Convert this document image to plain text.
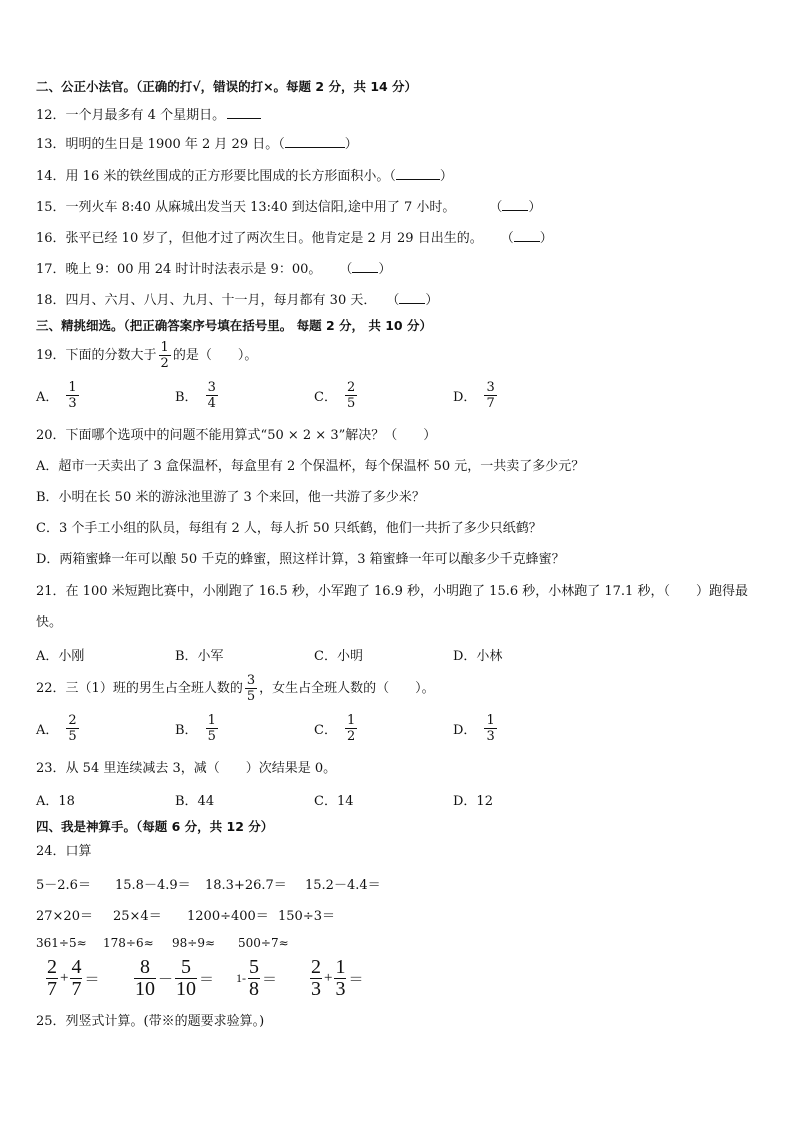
二、公正小法官。（正确的打√，错误的打×。每题 2 分，共 14 分）
12．一个月最多有 4 个星期日。
13．明明的生日是 1900 年 2 月 29 日。（	）
14．用 16 米的铁丝围成的正方形要比围成的长方形面积小。（	）
15．一列火车 8:40 从麻城出发当天 13:40 到达信阳,途中用了 7 小时。	（ ）
16．张平已经 10 岁了，但他才过了两次生日。他肯定是 2 月 29 日出生的。 （ ）
17．晚上 9：00 用 24 时计时法表示是 9：00。 （ ）
18．四月、六月、八月、九月、十一月，每月都有 30 天． （ ）
三、精挑细选。（把正确答案序号填在括号里。 每题 2 分， 共 10 分）
19．下面的分数大于 $\frac{1}{2}$ 的是（　　）。
A． $\frac{1}{3}$	B． $\frac{3}{4}$	C． $\frac{2}{5}$	D． $\frac{3}{7}$
20．下面哪个选项中的问题不能用算式“50 × 2 × 3”解决？（　　）
A．超市一天卖出了 3 盒保温杯，每盒里有 2 个保温杯，每个保温杯 50 元，一共卖了多少元？
B．小明在长 50 米的游泳池里游了 3 个来回，他一共游了多少米？
C．3 个手工小组的队员，每组有 2 人，每人折 50 只纸鹤，他们一共折了多少只纸鹤？
D．两箱蜜蜂一年可以酿 50 千克的蜂蜜，照这样计算，3 箱蜜蜂一年可以酿多少千克蜂蜜？
21．在 100 米短跑比赛中，小刚跑了 16.5 秒，小军跑了 16.9 秒，小明跑了 15.6 秒，小林跑了 17.1 秒，（　　）跑得最
快。
A．小刚	B．小军	C．小明	D．小林
22．三（1）班的男生占全班人数的 $\frac{3}{5}$ ，女生占全班人数的（　　）。
A． $\frac{2}{5}$	B． $\frac{1}{5}$	C． $\frac{1}{2}$	D． $\frac{1}{3}$
23．从 54 里连续减去 3，减（　　）次结果是 0。
A．18	B．44	C．14	D．12
四、我是神算手。（每题 6 分，共 12 分）
24．口算
5－2.6＝ 15.8－4.9＝ 18.3+26.7＝ 15.2－4.4＝
27×20＝ 25×4＝ 1200÷400＝ 150÷3＝
361÷5≈ 178÷6≈ 98÷9≈ 500÷7≈
$\frac{2}{7} + \frac{4}{7} = \frac{8}{10} - \frac{5}{10} = 1- \frac{5}{8} = \frac{2}{3} + \frac{1}{3}$ ＝
25．列竖式计算。(带※的题要求验算。)
